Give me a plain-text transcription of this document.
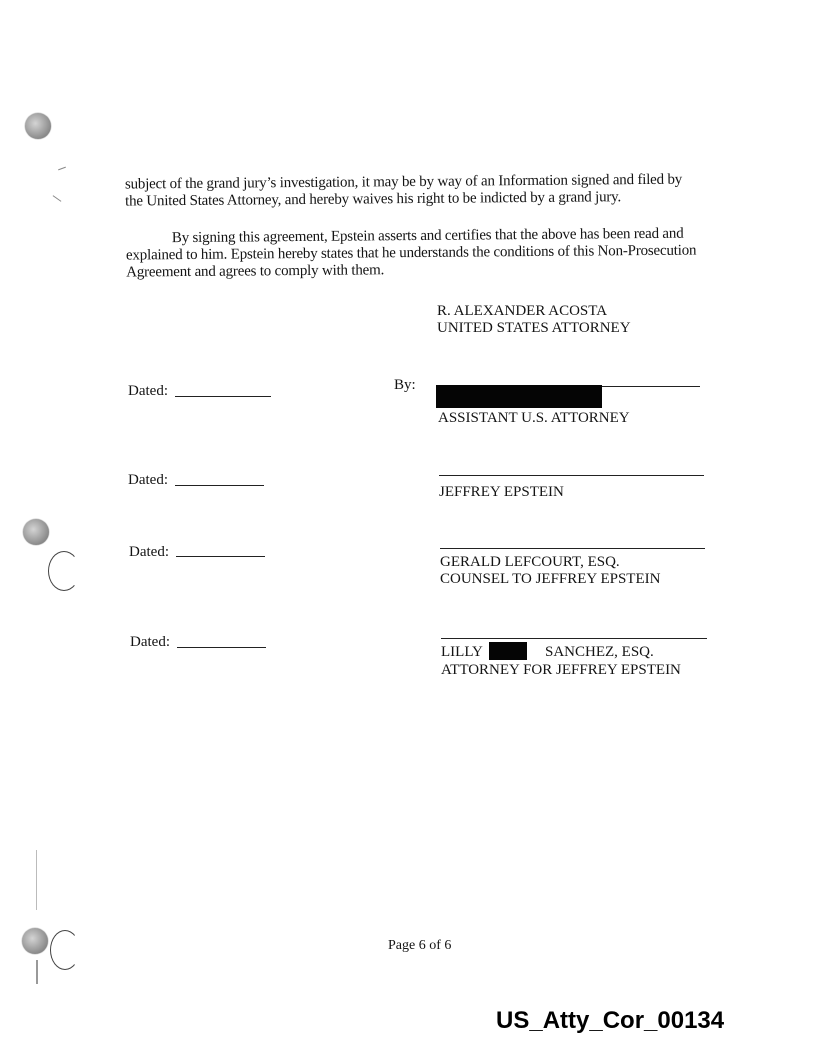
subject of the grand jury’s investigation, it may be by way of an Information signed and filed by the United States Attorney, and hereby waives his right to be indicted by a grand jury.
By signing this agreement, Epstein asserts and certifies that the above has been read and explained to him. Epstein hereby states that he understands the conditions of this Non-Prosecution Agreement and agrees to comply with them.
R. ALEXANDER ACOSTA
UNITED STATES ATTORNEY
Dated:	By:
ASSISTANT U.S. ATTORNEY
Dated:
JEFFREY EPSTEIN
Dated:
GERALD LEFCOURT, ESQ.
COUNSEL TO JEFFREY EPSTEIN
Dated:
LILLY	SANCHEZ, ESQ.
ATTORNEY FOR JEFFREY EPSTEIN
Page 6 of 6
US_Atty_Cor_00134
